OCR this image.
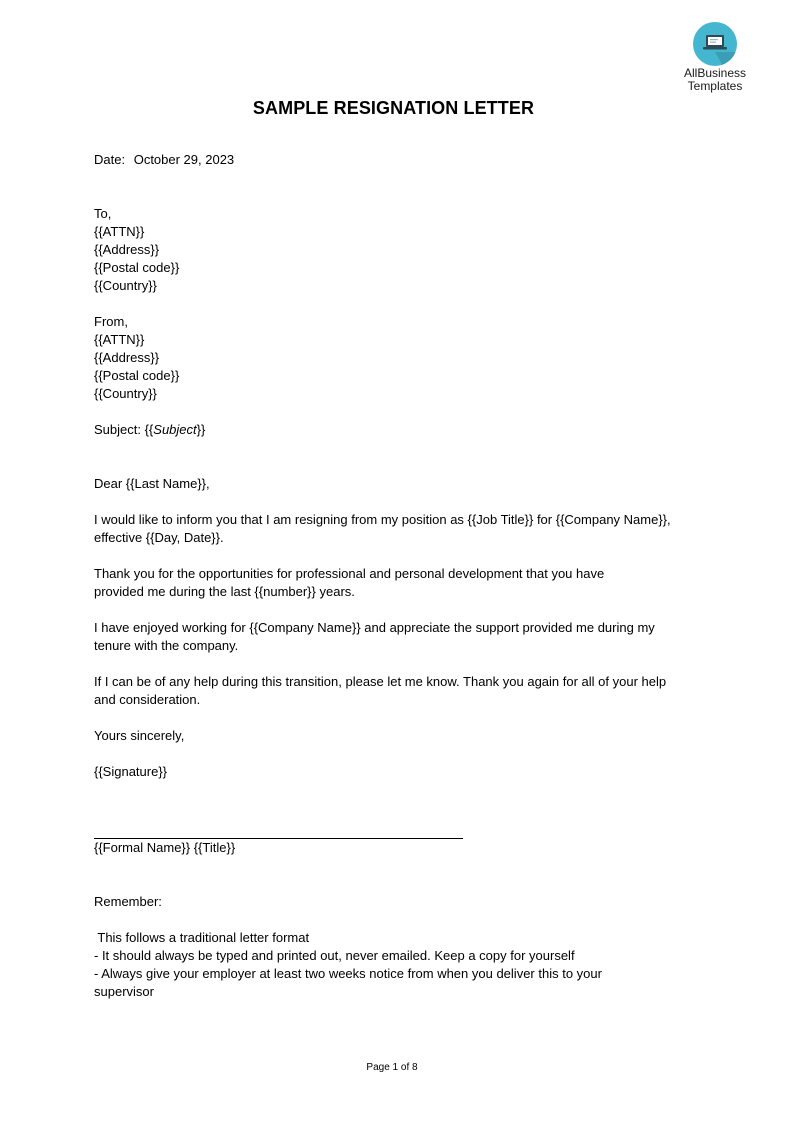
AllBusiness
Templates
SAMPLE RESIGNATION LETTER

Date: October 29, 2023

To,

{{ATTN}}

{{Address}}

{{Postal code}}

{{Country}}

From,

{{ATTN}}

{{Address}}

{{Postal code}}

{{Country}}

Subject: {{Subject}}

Dear {{Last Name}},

I would like to inform you that I am resigning from my position as {{Job Title}} for {{Company Name}},

effective {{Day, Date}}.

Thank you for the opportunities for professional and personal development that you have

provided me during the last {{number}} years.

I have enjoyed working for {{Company Name}} and appreciate the support provided me during my

tenure with the company.

If I can be of any help during this transition, please let me know. Thank you again for all of your help

and consideration.

Yours sincerely,

{{Signature}}

{{Formal Name}} {{Title}}

Remember:

This follows a traditional letter format

- It should always be typed and printed out, never emailed. Keep a copy for yourself

- Always give your employer at least two weeks notice from when you deliver this to your

supervisor

Page 1 of 8
